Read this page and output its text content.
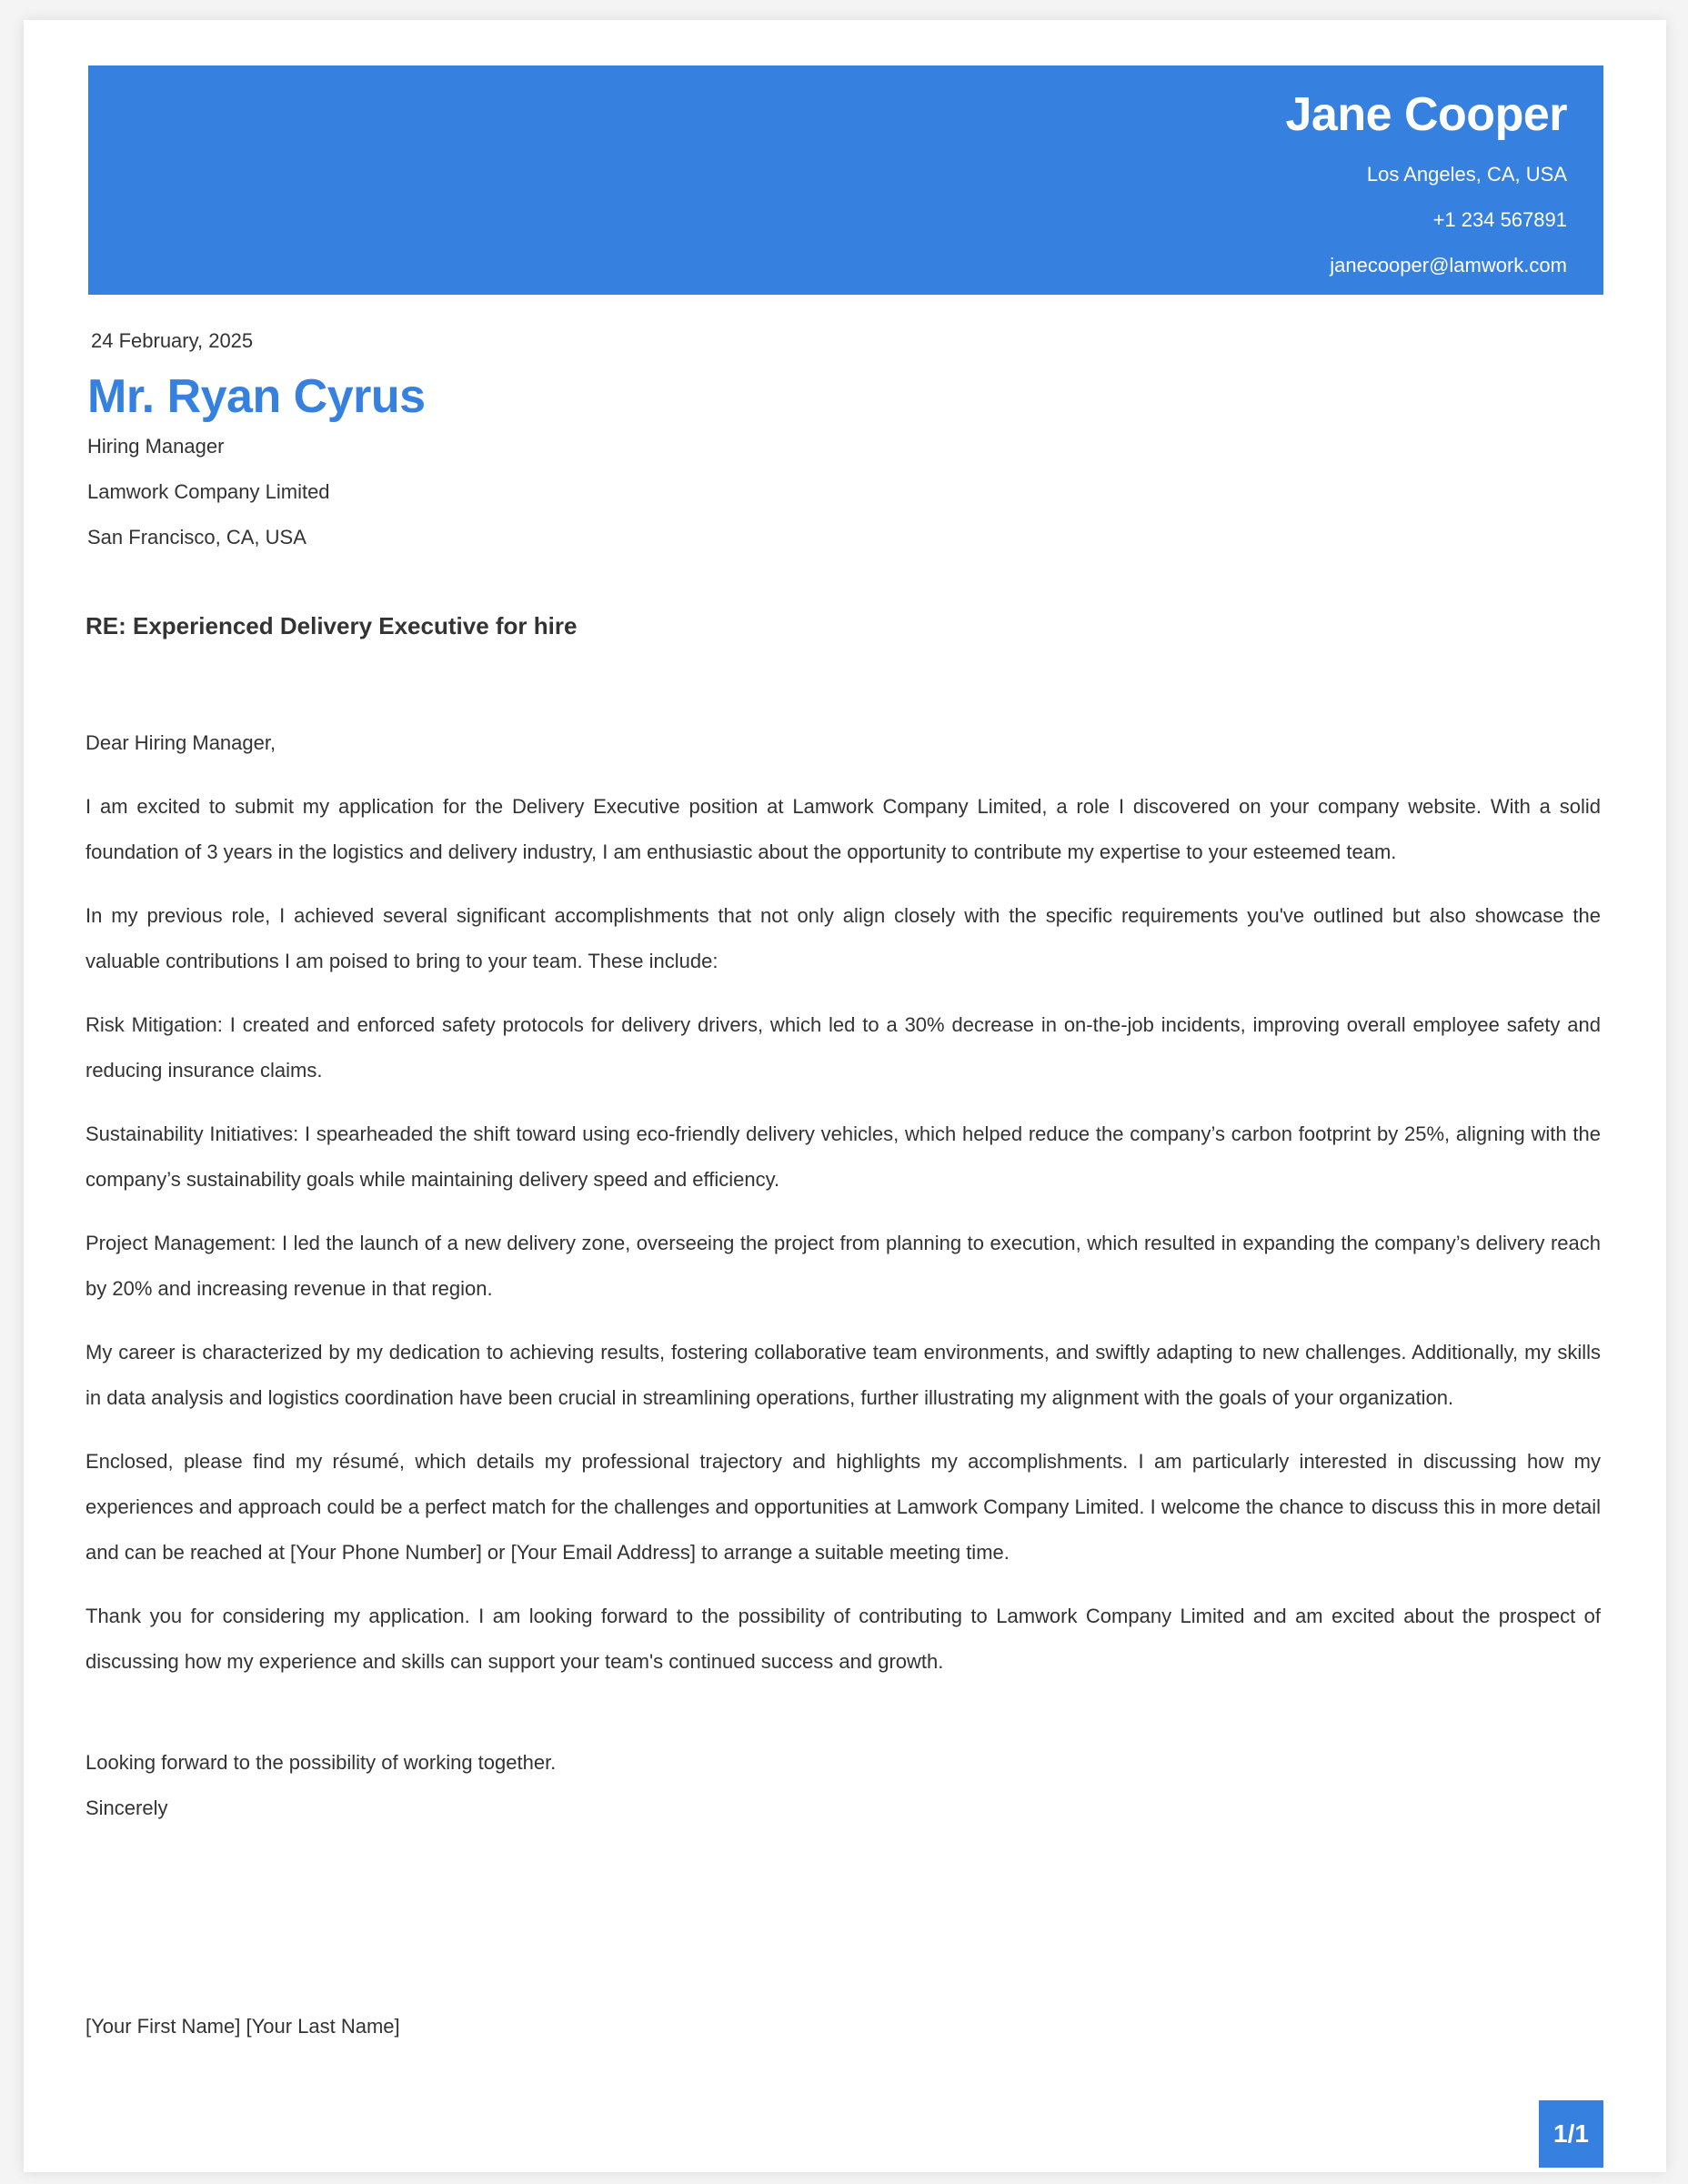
Jane Cooper
Los Angeles, CA, USA
+1 234 567891
janecooper@lamwork.com
24 February, 2025
Mr. Ryan Cyrus
Hiring Manager
Lamwork Company Limited
San Francisco, CA, USA
RE: Experienced Delivery Executive for hire

Dear Hiring Manager,

I am excited to submit my application for the Delivery Executive position at Lamwork Company Limited, a role I discovered on your company website. With a solid foundation of 3 years in the logistics and delivery industry, I am enthusiastic about the opportunity to contribute my expertise to your esteemed team.

In my previous role, I achieved several significant accomplishments that not only align closely with the specific requirements you've outlined but also showcase the valuable contributions I am poised to bring to your team. These include:

Risk Mitigation: I created and enforced safety protocols for delivery drivers, which led to a 30% decrease in on-the-job incidents, improving overall employee safety and reducing insurance claims.

Sustainability Initiatives: I spearheaded the shift toward using eco-friendly delivery vehicles, which helped reduce the company’s carbon footprint by 25%, aligning with the company’s sustainability goals while maintaining delivery speed and efficiency.

Project Management: I led the launch of a new delivery zone, overseeing the project from planning to execution, which resulted in expanding the company’s delivery reach by 20% and increasing revenue in that region.

My career is characterized by my dedication to achieving results, fostering collaborative team environments, and swiftly adapting to new challenges. Additionally, my skills in data analysis and logistics coordination have been crucial in streamlining operations, further illustrating my alignment with the goals of your organization.

Enclosed, please find my résumé, which details my professional trajectory and highlights my accomplishments. I am particularly interested in discussing how my experiences and approach could be a perfect match for the challenges and opportunities at Lamwork Company Limited. I welcome the chance to discuss this in more detail and can be reached at [Your Phone Number] or [Your Email Address] to arrange a suitable meeting time.

Thank you for considering my application. I am looking forward to the possibility of contributing to Lamwork Company Limited and am excited about the prospect of discussing how my experience and skills can support your team's continued success and growth.

Looking forward to the possibility of working together.
Sincerely
[Your First Name] [Your Last Name]
1/1
